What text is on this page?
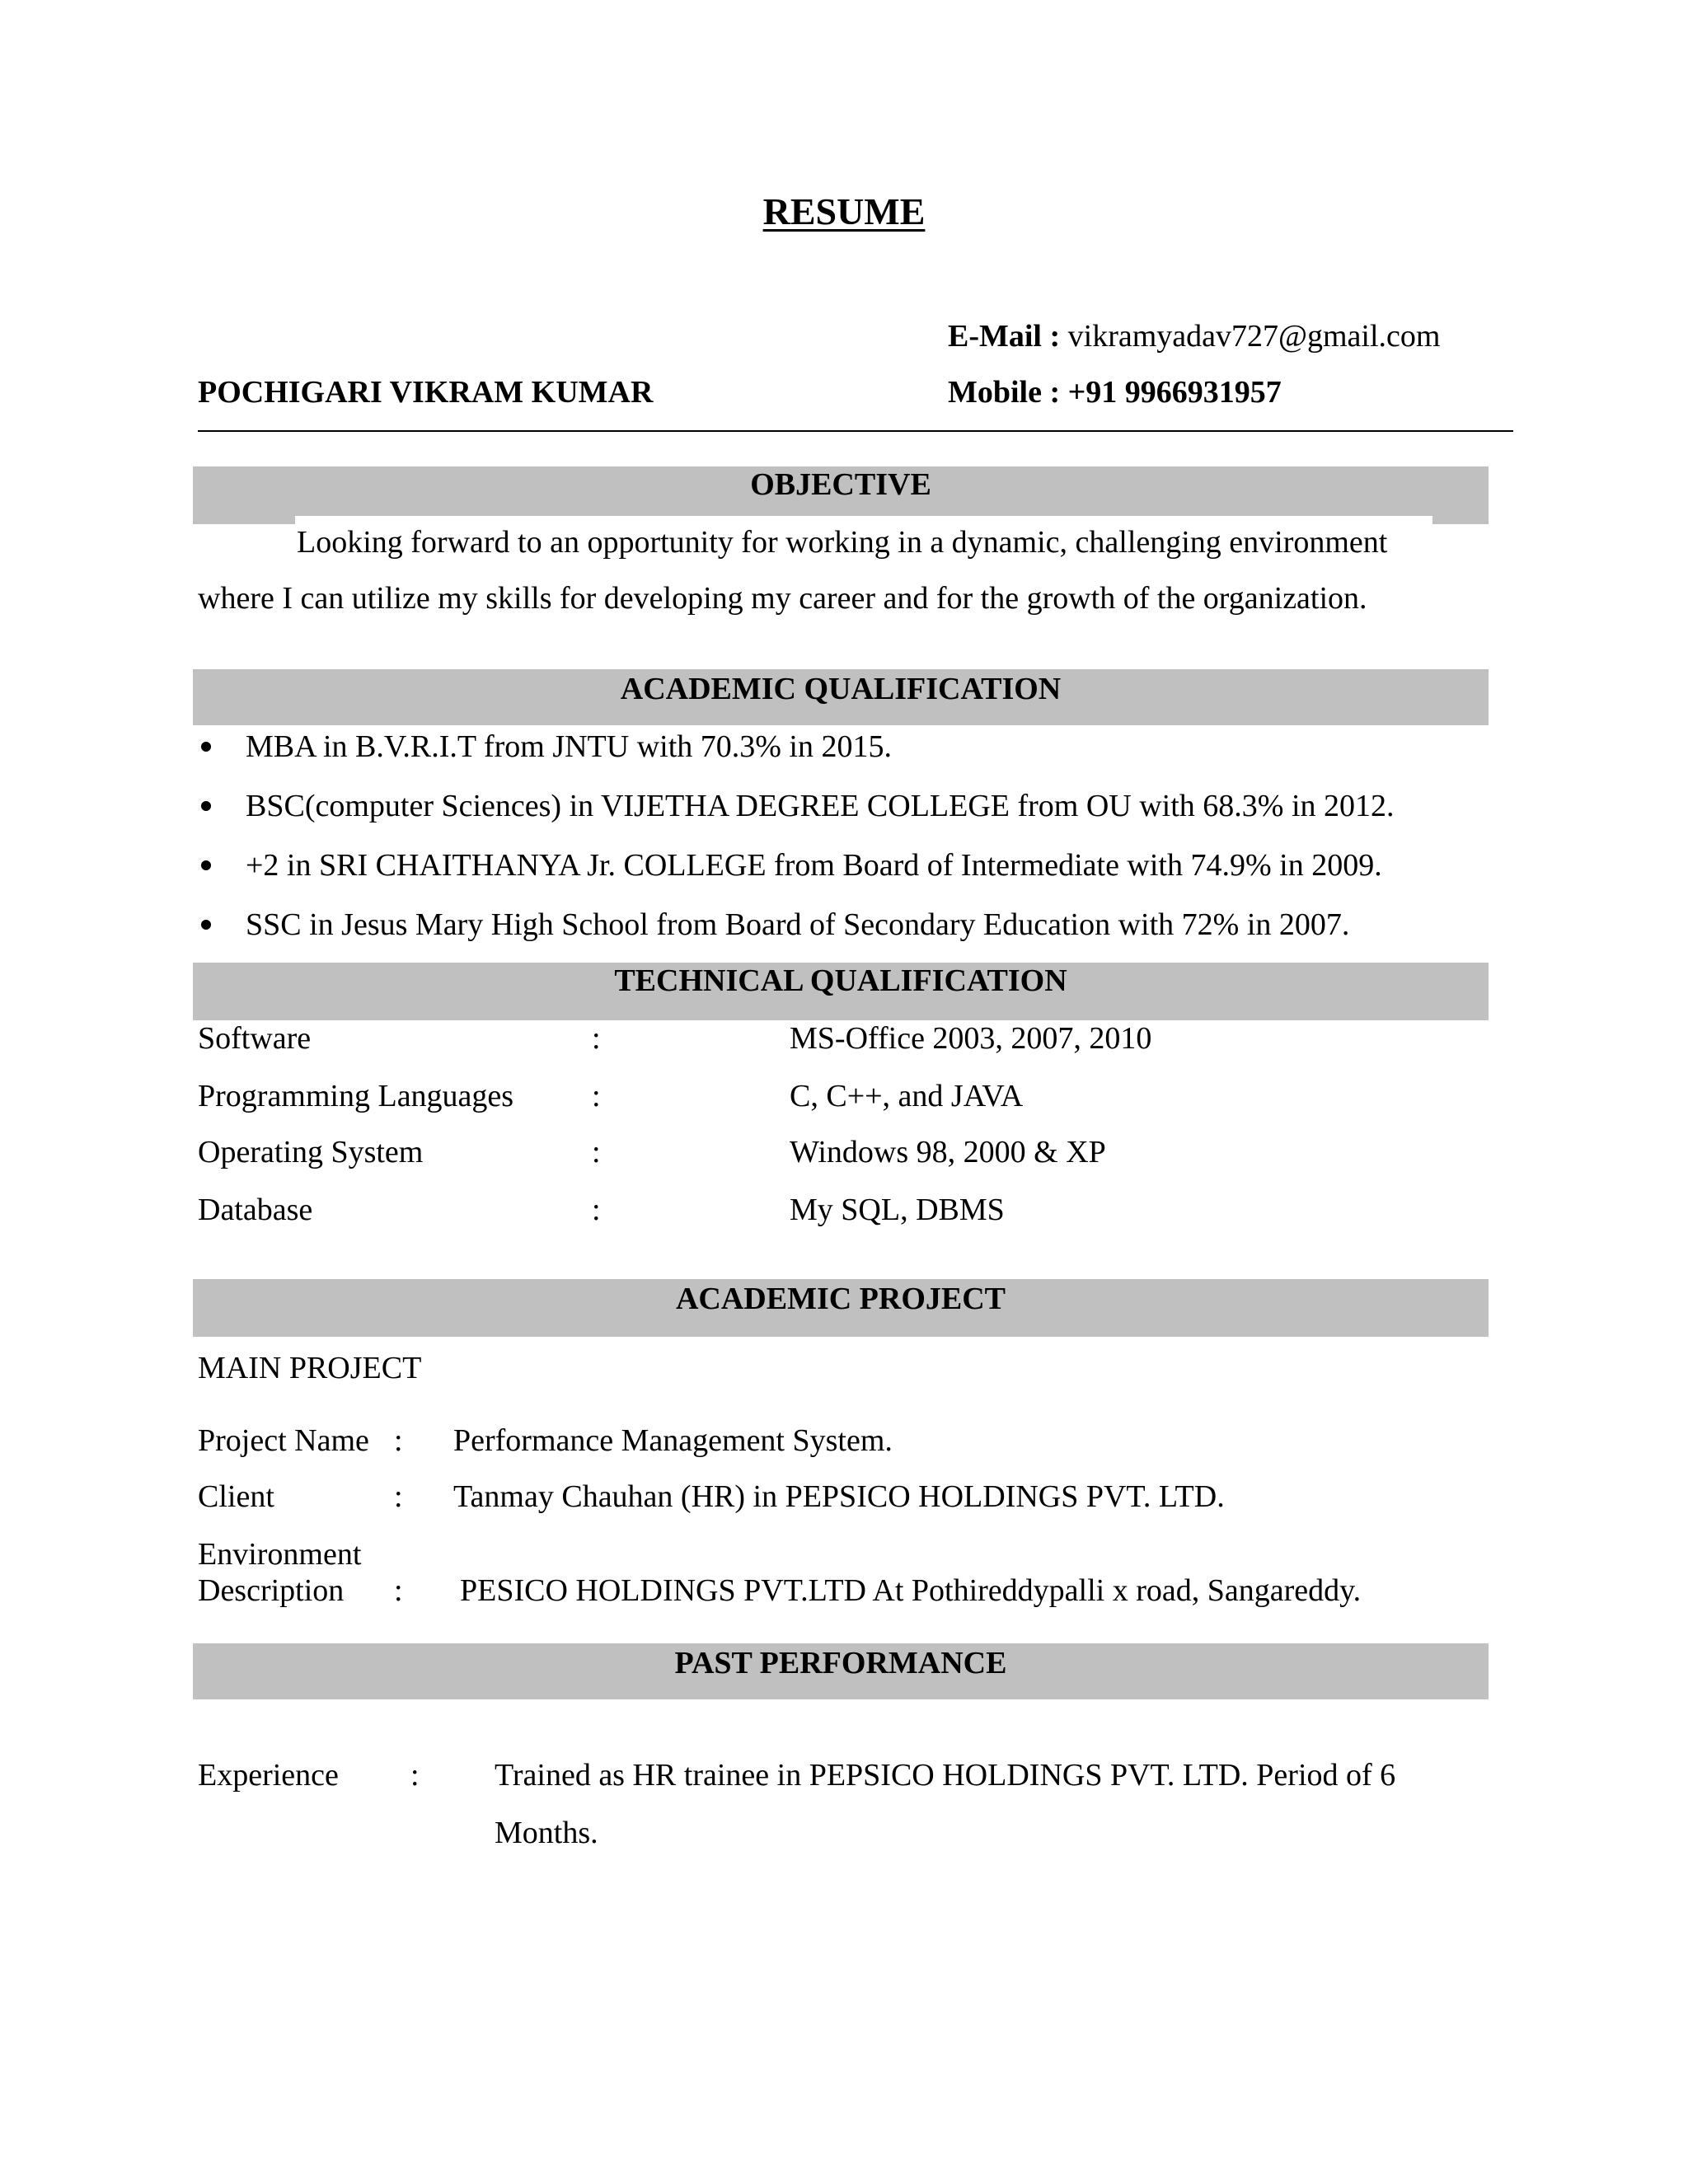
RESUME
E-Mail : vikramyadav727@gmail.com
POCHIGARI VIKRAM KUMAR	Mobile : +91 9966931957
OBJECTIVE
Looking forward to an opportunity for working in a dynamic, challenging environment
where I can utilize my skills for developing my career and for the growth of the organization.
ACADEMIC QUALIFICATION
MBA in B.V.R.I.T from JNTU with 70.3% in 2015.
BSC(computer Sciences) in VIJETHA DEGREE COLLEGE from OU with 68.3% in 2012.
+2 in SRI CHAITHANYA Jr. COLLEGE from Board of Intermediate with 74.9% in 2009.
SSC in Jesus Mary High School from Board of Secondary Education with 72% in 2007.
TECHNICAL QUALIFICATION
Software	:	MS-Office 2003, 2007, 2010
Programming Languages :	C, C++, and JAVA
Operating System	:	Windows 98, 2000 & XP
Database	:	My SQL, DBMS
ACADEMIC PROJECT
MAIN PROJECT
Project Name : Performance Management System.
Client	: Tanmay Chauhan (HR) in PEPSICO HOLDINGS PVT. LTD.
Environment
Description : PESICO HOLDINGS PVT.LTD At Pothireddypalli x road, Sangareddy.
PAST PERFORMANCE
Experience : Trained as HR trainee in PEPSICO HOLDINGS PVT. LTD. Period of 6
Months.
